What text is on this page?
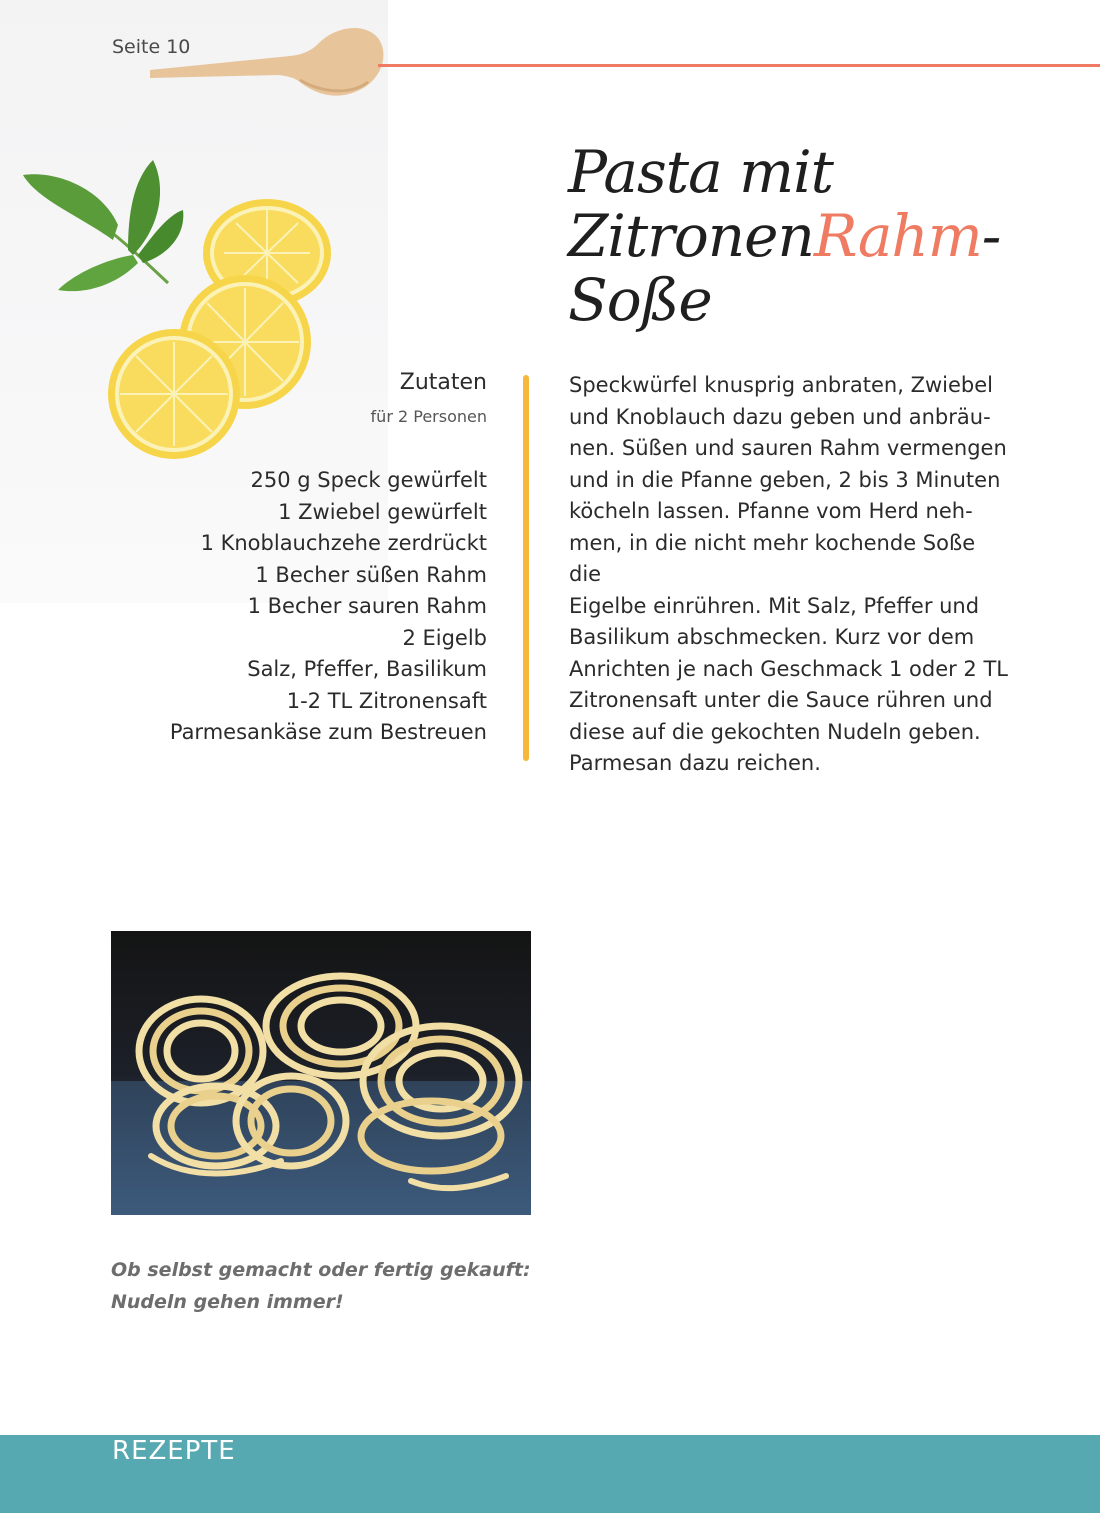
Seite 10
Pasta mit
ZitronenRahm-
Soße
Zutaten
für 2 Personen
250 g Speck gewürfelt
1 Zwiebel gewürfelt
1 Knoblauchzehe zerdrückt
1 Becher süßen Rahm
1 Becher sauren Rahm
2 Eigelb
Salz, Pfeffer, Basilikum
1-2 TL Zitronensaft
Parmesankäse zum Bestreuen

Speckwürfel knusprig anbraten, Zwiebel
und Knoblauch dazu geben und anbräu-
nen. Süßen und sauren Rahm vermengen
und in die Pfanne geben, 2 bis 3 Minuten
köcheln lassen. Pfanne vom Herd neh-
men, in die nicht mehr kochende Soße die
Eigelbe einrühren. Mit Salz, Pfeffer und
Basilikum abschmecken. Kurz vor dem
Anrichten je nach Geschmack 1 oder 2 TL
Zitronensaft unter die Sauce rühren und
diese auf die gekochten Nudeln geben.
Parmesan dazu reichen.

Ob selbst gemacht oder fertig gekauft:
Nudeln gehen immer!

REZEPTE
